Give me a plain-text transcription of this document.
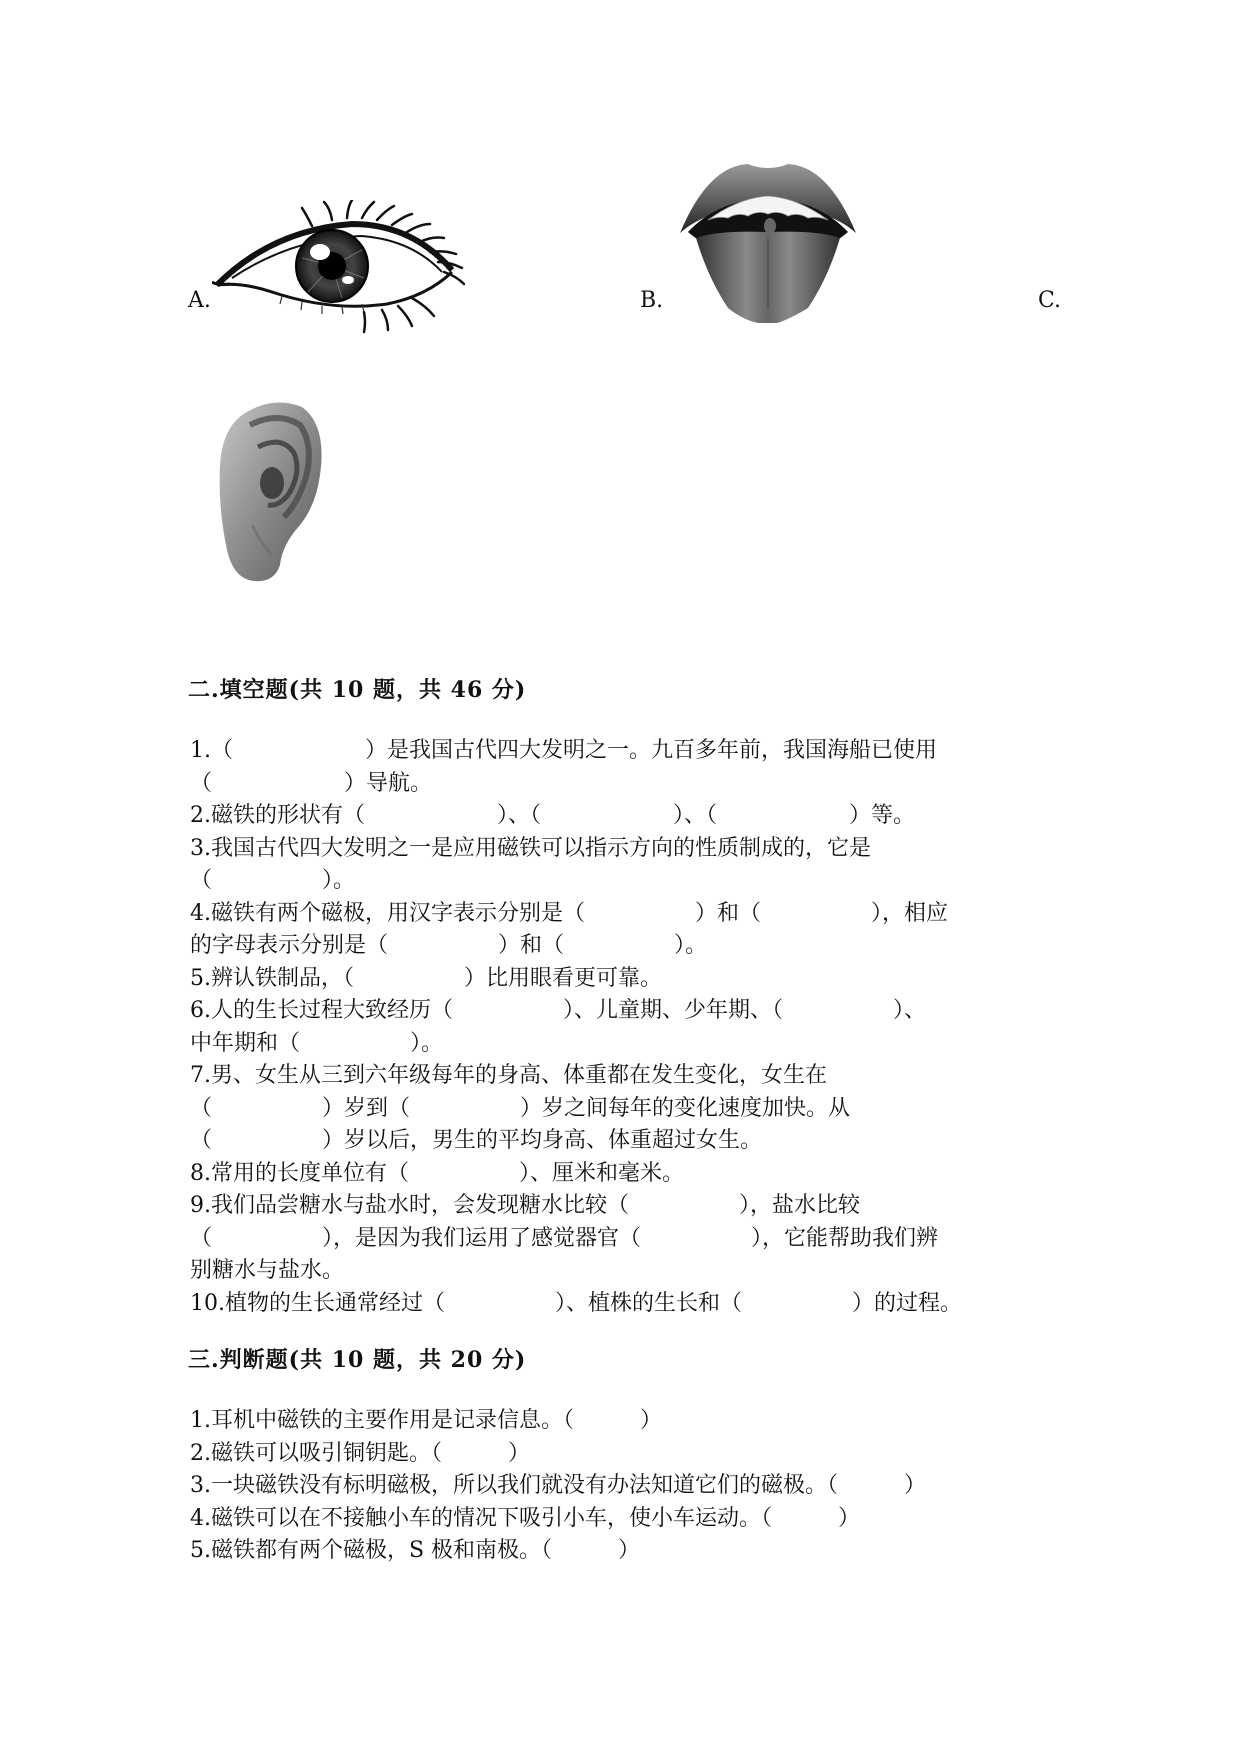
A.	B.	C.
二.填空题(共 10 题，共 46 分)
1.（　　　　　　）是我国古代四大发明之一。九百多年前，我国海船已使用
（　　　　　　）导航。
2.磁铁的形状有（　　　　　　）、（　　　　　　）、（　　　　　　）等。
3.我国古代四大发明之一是应用磁铁可以指示方向的性质制成的，它是
（　　　　　）。
4.磁铁有两个磁极，用汉字表示分别是（　　　　　）和（　　　　　），相应
的字母表示分别是（　　　　　）和（　　　　　）。
5.辨认铁制品，（　　　　　）比用眼看更可靠。
6.人的生长过程大致经历（　　　　　）、儿童期、少年期、（　　　　　）、
中年期和（　　　　　）。
7.男、女生从三到六年级每年的身高、体重都在发生变化，女生在
（　　　　　）岁到（　　　　　）岁之间每年的变化速度加快。从
（　　　　　）岁以后，男生的平均身高、体重超过女生。
8.常用的长度单位有（　　　　　）、厘米和毫米。
9.我们品尝糖水与盐水时，会发现糖水比较（　　　　　），盐水比较
（　　　　　），是因为我们运用了感觉器官（　　　　　），它能帮助我们辨
别糖水与盐水。
10.植物的生长通常经过（　　　　　）、植株的生长和（　　　　　）的过程。
三.判断题(共 10 题，共 20 分)
1.耳机中磁铁的主要作用是记录信息。（　　　）
2.磁铁可以吸引铜钥匙。（　　　）
3.一块磁铁没有标明磁极，所以我们就没有办法知道它们的磁极。（　　　）
4.磁铁可以在不接触小车的情况下吸引小车，使小车运动。（　　　）
5.磁铁都有两个磁极，S 极和南极。（　　　）
